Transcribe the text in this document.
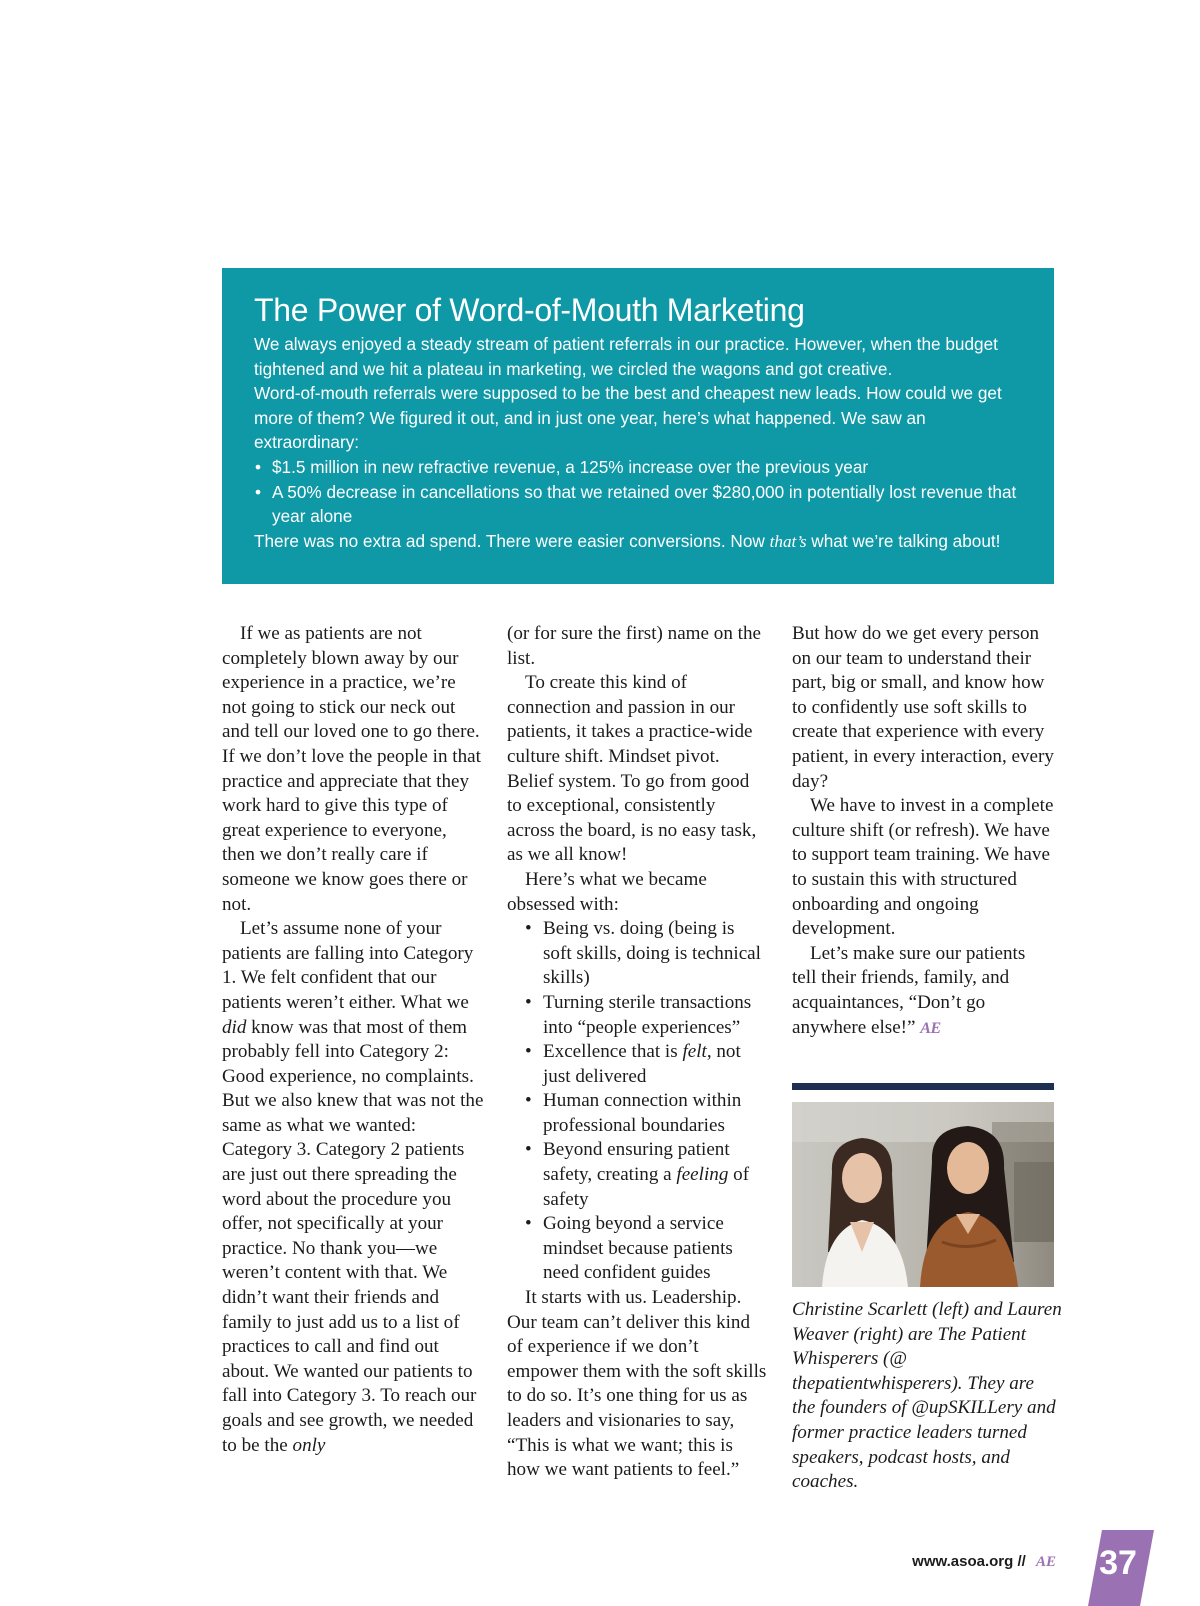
The Power of Word-of-Mouth Marketing

We always enjoyed a steady stream of patient referrals in our practice. However, when the budget tightened and we hit a plateau in marketing, we circled the wagons and got creative.

Word-of-mouth referrals were supposed to be the best and cheapest new leads. How could we get more of them? We figured it out, and in just one year, here’s what happened. We saw an extraordinary:

• $1.5 million in new refractive revenue, a 125% increase over the previous year
• A 50% decrease in cancellations so that we retained over $280,000 in potentially lost revenue that year alone

There was no extra ad spend. There were easier conversions. Now that’s what we’re talking about!

If we as patients are not completely blown away by our experience in a practice, we’re not going to stick our neck out and tell our loved one to go there. If we don’t love the people in that practice and appreciate that they work hard to give this type of great experience to everyone, then we don’t really care if someone we know goes there or not.

Let’s assume none of your patients are falling into Category 1. We felt confident that our patients weren’t either. What we did know was that most of them probably fell into Category 2: Good experience, no complaints. But we also knew that was not the same as what we wanted: Category 3. Category 2 patients are just out there spreading the word about the procedure you offer, not specifically at your practice. No thank you—we weren’t content with that. We didn’t want their friends and family to just add us to a list of practices to call and find out about. We wanted our patients to fall into Category 3. To reach our goals and see growth, we needed to be the only

(or for sure the first) name on the list.

To create this kind of connection and passion in our patients, it takes a practice-wide culture shift. Mindset pivot. Belief system. To go from good to exceptional, consistently across the board, is no easy task, as we all know!

Here’s what we became obsessed with:

• Being vs. doing (being is soft skills, doing is technical skills)
• Turning sterile transactions into “people experiences”
• Excellence that is felt, not just delivered
• Human connection within professional boundaries
• Beyond ensuring patient safety, creating a feeling of safety
• Going beyond a service mindset because patients need confident guides

It starts with us. Leadership. Our team can’t deliver this kind of experience if we don’t empower them with the soft skills to do so. It’s one thing for us as leaders and visionaries to say, “This is what we want; this is how we want patients to feel.”

But how do we get every person on our team to understand their part, big or small, and know how to confidently use soft skills to create that experience with every patient, in every interaction, every day?

We have to invest in a complete culture shift (or refresh). We have to support team training. We have to sustain this with structured onboarding and ongoing development.

Let’s make sure our patients tell their friends, family, and acquaintances, “Don’t go anywhere else!” AE

Christine Scarlett (left) and Lauren Weaver (right) are The Patient Whisperers (@ thepatientwhisperers). They are the founders of @upSKILLery and former practice leaders turned speakers, podcast hosts, and coaches.
www.asoa.org // AE 37
